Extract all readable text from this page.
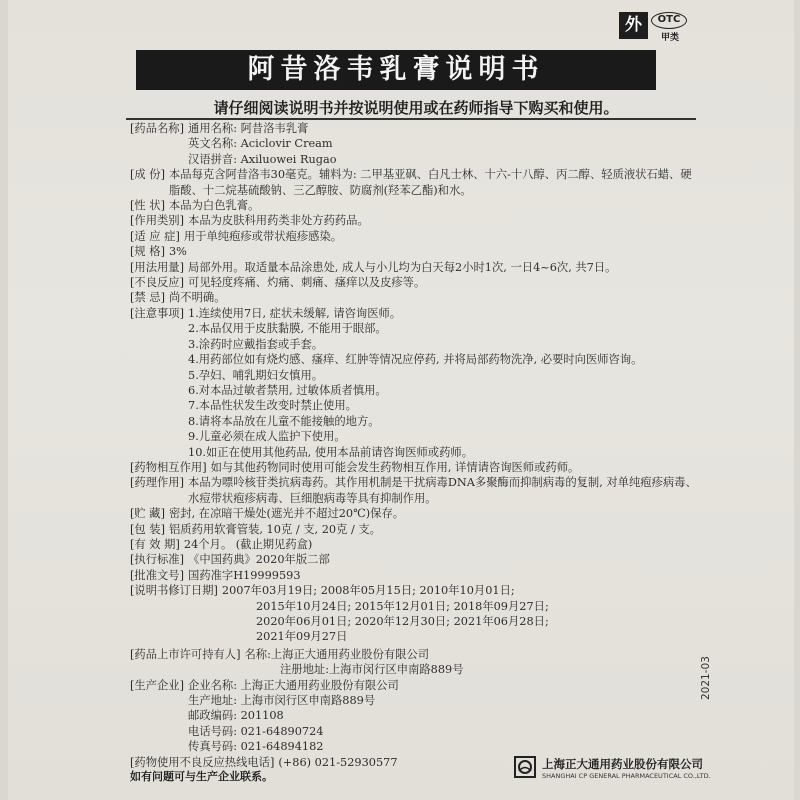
外	OTC
甲类
阿昔洛韦乳膏说明书
请仔细阅读说明书并按说明使用或在药师指导下购买和使用。
[药品名称] 通用名称: 阿昔洛韦乳膏
英文名称: Aciclovir Cream
汉语拼音: Axiluowei Rugao
[成 份] 本品每克含阿昔洛韦30毫克。辅料为: 二甲基亚砜、白凡士林、十六-十八醇、丙二醇、轻质液状石蜡、硬脂酸、十二烷基硫酸钠、三乙醇胺、防腐剂(羟苯乙酯)和水。
[性 状] 本品为白色乳膏。
[作用类别] 本品为皮肤科用药类非处方药药品。
[适 应 症] 用于单纯疱疹或带状疱疹感染。
[规 格] 3%
[用法用量] 局部外用。取适量本品涂患处, 成人与小儿均为白天每2小时1次, 一日4~6次, 共7日。
[不良反应] 可见轻度疼痛、灼痛、刺痛、瘙痒以及皮疹等。
[禁 忌] 尚不明确。
[注意事项] 1.连续使用7日, 症状未缓解, 请咨询医师。
2.本品仅用于皮肤黏膜, 不能用于眼部。
3.涂药时应戴指套或手套。
4.用药部位如有烧灼感、瘙痒、红肿等情况应停药, 并将局部药物洗净, 必要时向医师咨询。
5.孕妇、哺乳期妇女慎用。
6.对本品过敏者禁用, 过敏体质者慎用。
7.本品性状发生改变时禁止使用。
8.请将本品放在儿童不能接触的地方。
9.儿童必须在成人监护下使用。
10.如正在使用其他药品, 使用本品前请咨询医师或药师。
[药物相互作用] 如与其他药物同时使用可能会发生药物相互作用, 详情请咨询医师或药师。
[药理作用] 本品为嘌呤核苷类抗病毒药。其作用机制是干扰病毒DNA多聚酶而抑制病毒的复制, 对单纯疱疹病毒、水痘带状疱疹病毒、巨细胞病毒等具有抑制作用。
[贮 藏] 密封, 在凉暗干燥处(遮光并不超过20℃)保存。
[包 装] 铝质药用软膏管装, 10克 / 支, 20克 / 支。
[有 效 期] 24个月。 (截止期见药盒)
[执行标准] 《中国药典》2020年版二部
[批准文号] 国药准字H19999593
[说明书修订日期] 2007年03月19日; 2008年05月15日; 2010年10月01日;
2015年10月24日; 2015年12月01日; 2018年09月27日;
2020年06月01日; 2020年12月30日; 2021年06月28日;
2021年09月27日
[药品上市许可持有人] 名称:上海正大通用药业股份有限公司
注册地址:上海市闵行区申南路889号
[生产企业] 企业名称: 上海正大通用药业股份有限公司
生产地址: 上海市闵行区申南路889号
邮政编码: 201108
电话号码: 021-64890724
传真号码: 021-64894182
[药物使用不良反应热线电话] (+86) 021-52930577
如有问题可与生产企业联系。
上海正大通用药业股份有限公司
SHANGHAI CP GENERAL PHARMACEUTICAL CO.,LTD.
2021-03
